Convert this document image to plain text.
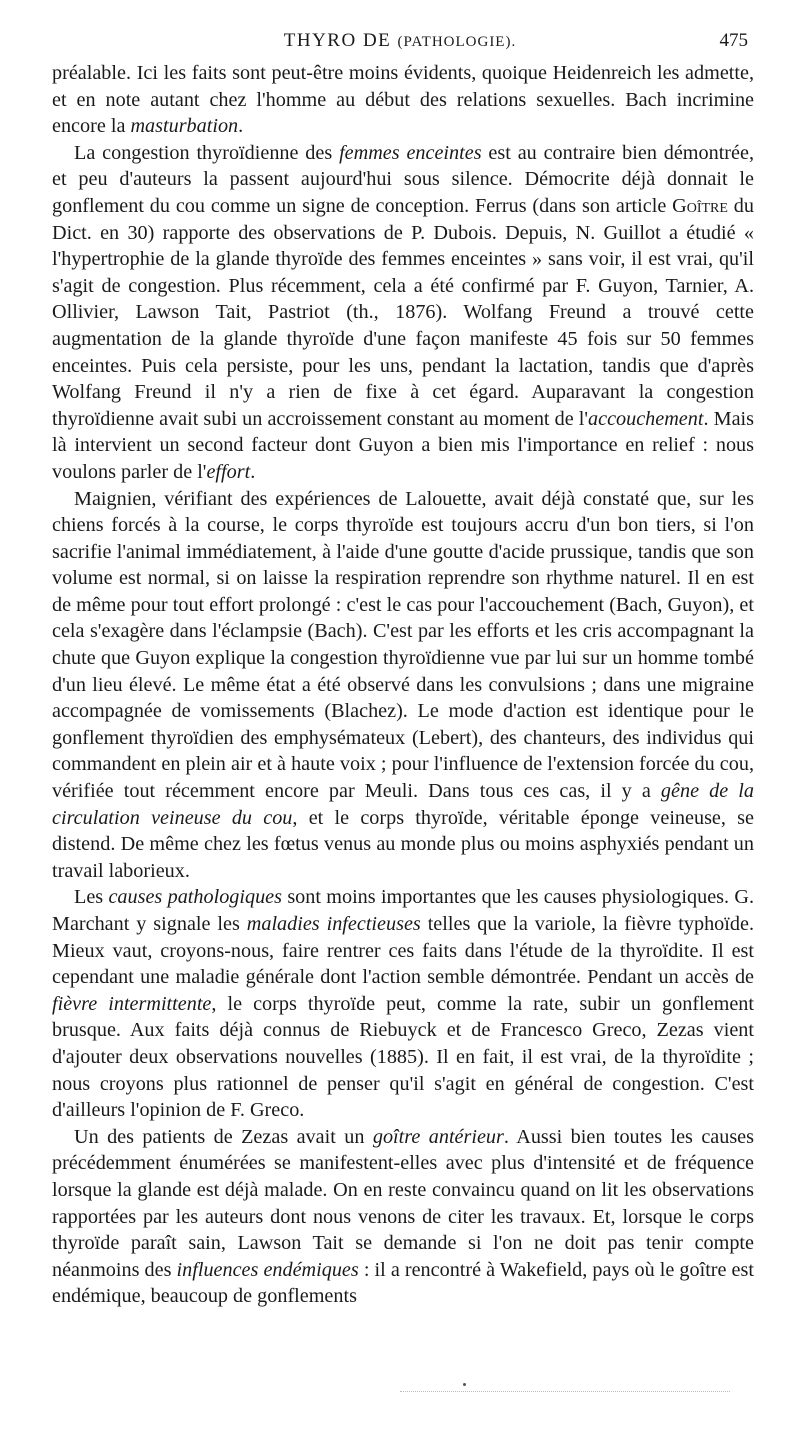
THYRO DE (PATHOLOGIE).	475

préalable. Ici les faits sont peut-être moins évidents, quoique Heidenreich les admette, et en note autant chez l'homme au début des relations sexuelles. Bach incrimine encore la masturbation.

La congestion thyroïdienne des femmes enceintes est au contraire bien démontrée, et peu d'auteurs la passent aujourd'hui sous silence. Démocrite déjà donnait le gonflement du cou comme un signe de conception. Ferrus (dans son article Goître du Dict. en 30) rapporte des observations de P. Dubois. Depuis, N. Guillot a étudié « l'hypertrophie de la glande thyroïde des femmes enceintes » sans voir, il est vrai, qu'il s'agit de congestion. Plus récemment, cela a été confirmé par F. Guyon, Tarnier, A. Ollivier, Lawson Tait, Pastriot (th., 1876). Wolfang Freund a trouvé cette augmentation de la glande thyroïde d'une façon manifeste 45 fois sur 50 femmes enceintes. Puis cela persiste, pour les uns, pendant la lactation, tandis que d'après Wolfang Freund il n'y a rien de fixe à cet égard. Auparavant la congestion thyroïdienne avait subi un accroissement constant au moment de l'accouchement. Mais là intervient un second facteur dont Guyon a bien mis l'importance en relief : nous voulons parler de l'effort.

Maignien, vérifiant des expériences de Lalouette, avait déjà constaté que, sur les chiens forcés à la course, le corps thyroïde est toujours accru d'un bon tiers, si l'on sacrifie l'animal immédiatement, à l'aide d'une goutte d'acide prussique, tandis que son volume est normal, si on laisse la respiration reprendre son rhythme naturel. Il en est de même pour tout effort prolongé : c'est le cas pour l'accouchement (Bach, Guyon), et cela s'exagère dans l'éclampsie (Bach). C'est par les efforts et les cris accompagnant la chute que Guyon explique la congestion thyroïdienne vue par lui sur un homme tombé d'un lieu élevé. Le même état a été observé dans les convulsions ; dans une migraine accompagnée de vomissements (Blachez). Le mode d'action est identique pour le gonflement thyroïdien des emphysémateux (Lebert), des chanteurs, des individus qui commandent en plein air et à haute voix ; pour l'influence de l'extension forcée du cou, vérifiée tout récemment encore par Meuli. Dans tous ces cas, il y a gêne de la circulation veineuse du cou, et le corps thyroïde, véritable éponge veineuse, se distend. De même chez les fœtus venus au monde plus ou moins asphyxiés pendant un travail laborieux.

Les causes pathologiques sont moins importantes que les causes physiologiques. G. Marchant y signale les maladies infectieuses telles que la variole, la fièvre typhoïde. Mieux vaut, croyons-nous, faire rentrer ces faits dans l'étude de la thyroïdite. Il est cependant une maladie générale dont l'action semble démontrée. Pendant un accès de fièvre intermittente, le corps thyroïde peut, comme la rate, subir un gonflement brusque. Aux faits déjà connus de Riebuyck et de Francesco Greco, Zezas vient d'ajouter deux observations nouvelles (1885). Il en fait, il est vrai, de la thyroïdite ; nous croyons plus rationnel de penser qu'il s'agit en général de congestion. C'est d'ailleurs l'opinion de F. Greco.

Un des patients de Zezas avait un goître antérieur. Aussi bien toutes les causes précédemment énumérées se manifestent-elles avec plus d'intensité et de fréquence lorsque la glande est déjà malade. On en reste convaincu quand on lit les observations rapportées par les auteurs dont nous venons de citer les travaux. Et, lorsque le corps thyroïde paraît sain, Lawson Tait se demande si l'on ne doit pas tenir compte néanmoins des influences endémiques : il a rencontré à Wakefield, pays où le goître est endémique, beaucoup de gonflements
